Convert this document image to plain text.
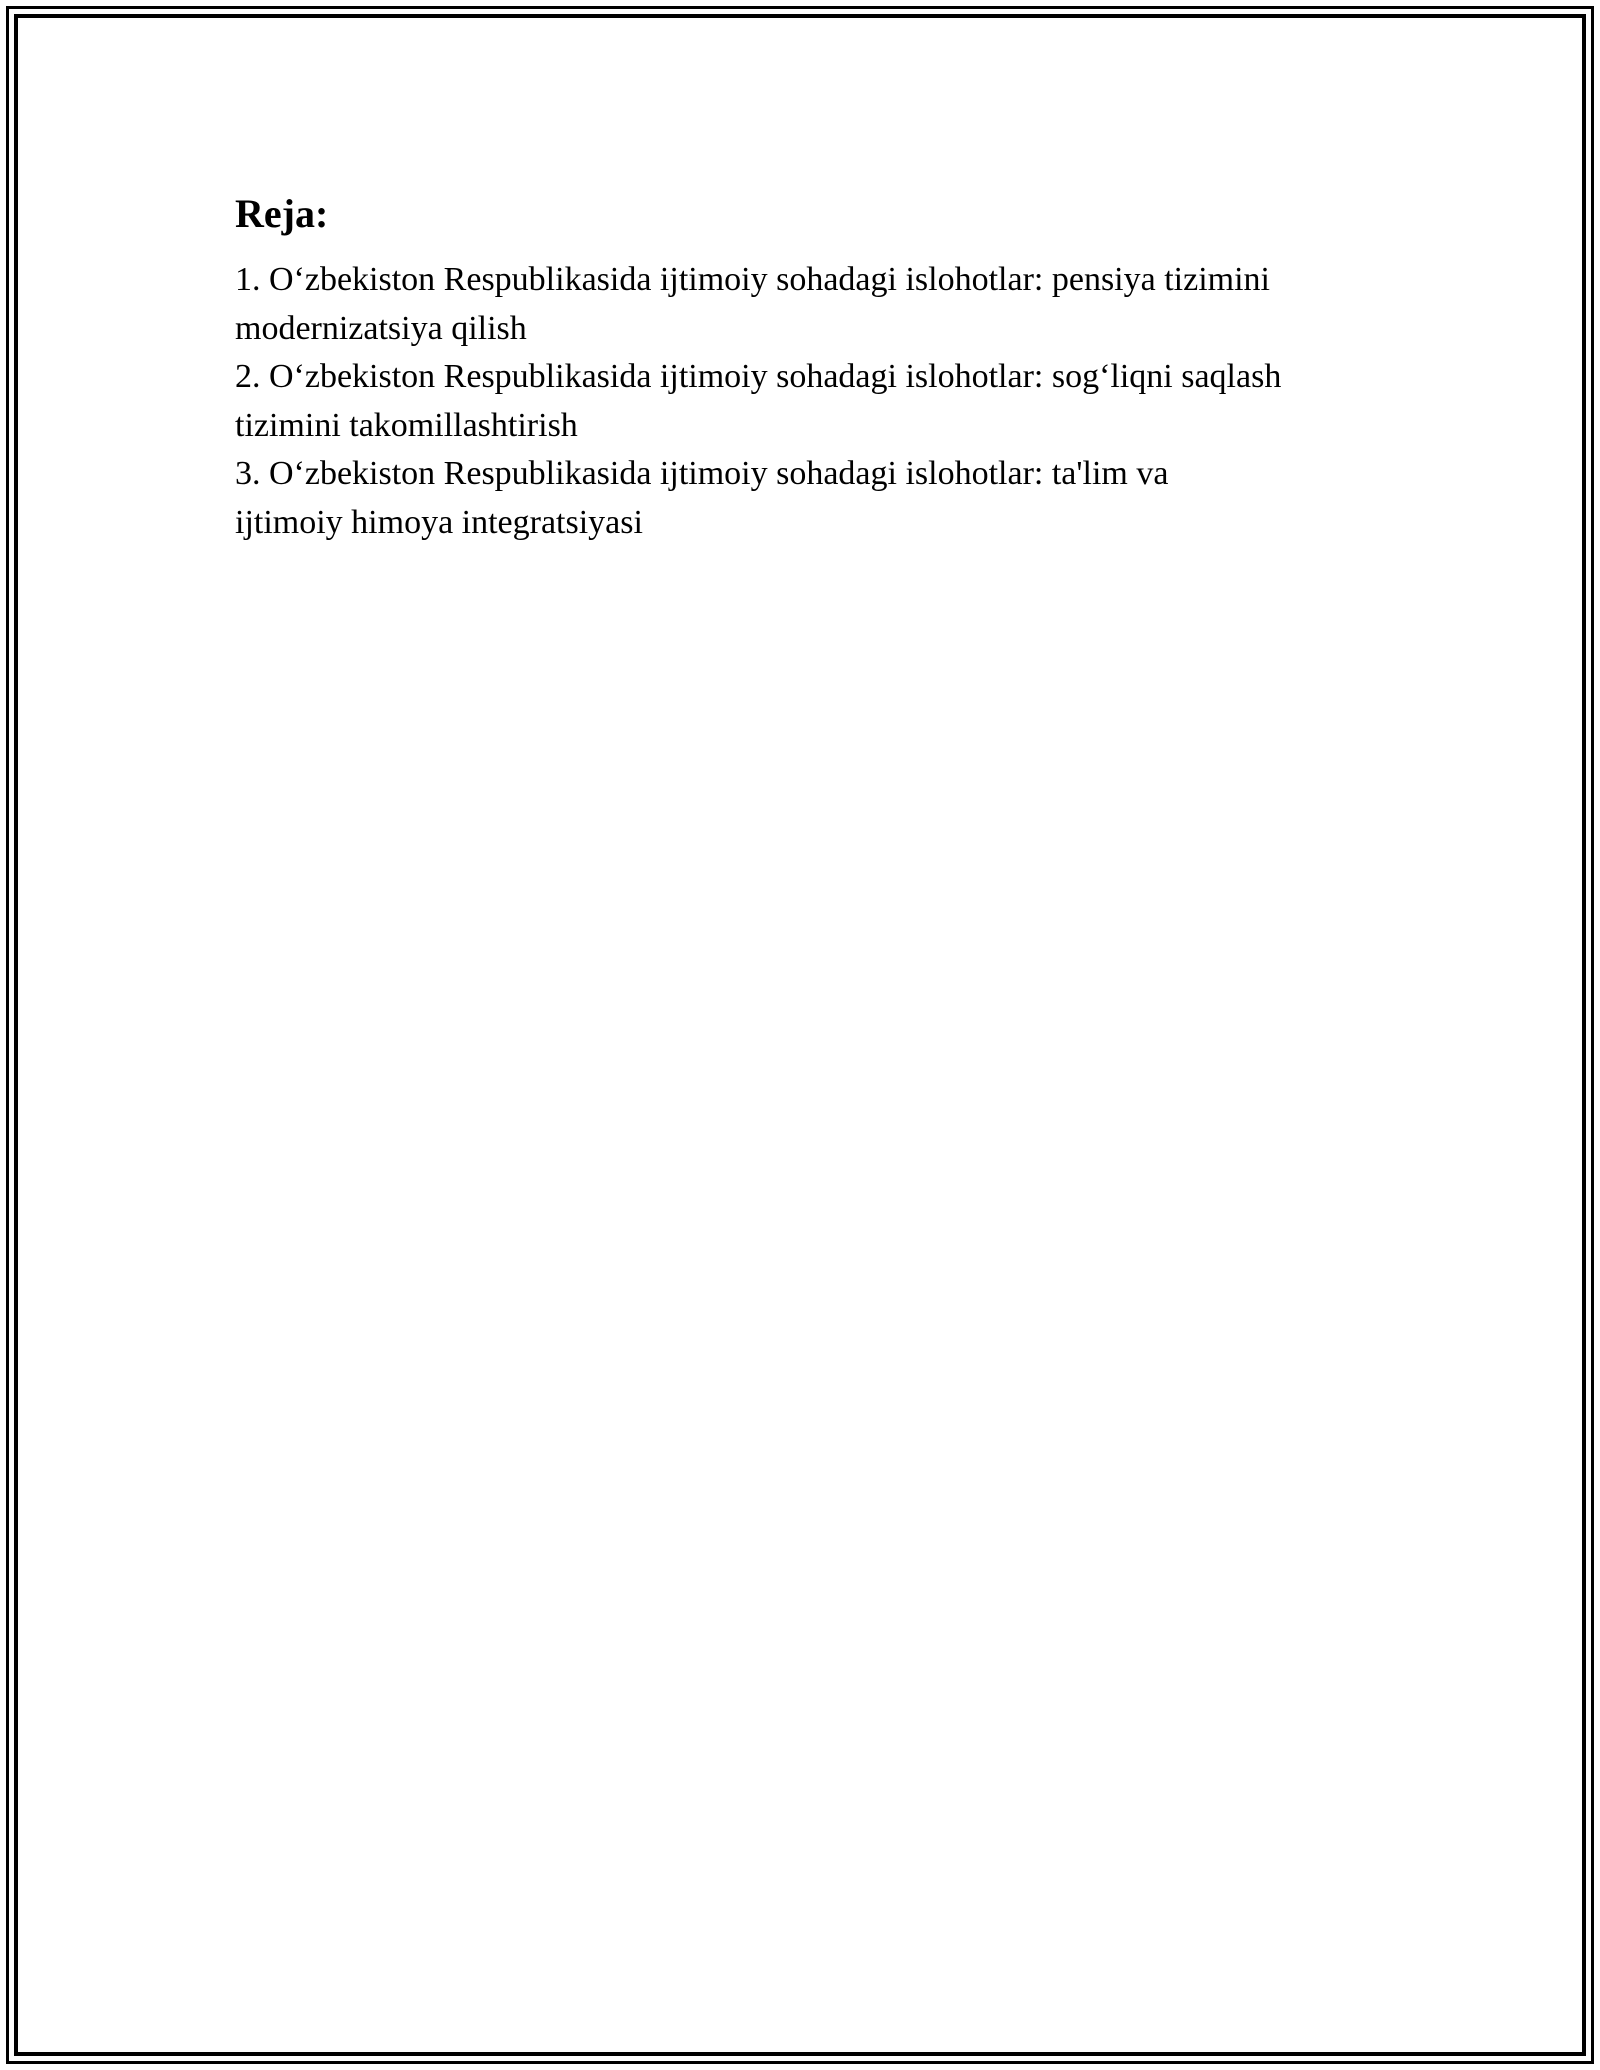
Reja:
1. O‘zbekiston Respublikasida ijtimoiy sohadagi islohotlar: pensiya tizimini
modernizatsiya qilish
2. O‘zbekiston Respublikasida ijtimoiy sohadagi islohotlar: sog‘liqni saqlash
tizimini takomillashtirish
3. O‘zbekiston Respublikasida ijtimoiy sohadagi islohotlar: ta'lim va
ijtimoiy himoya integratsiyasi
